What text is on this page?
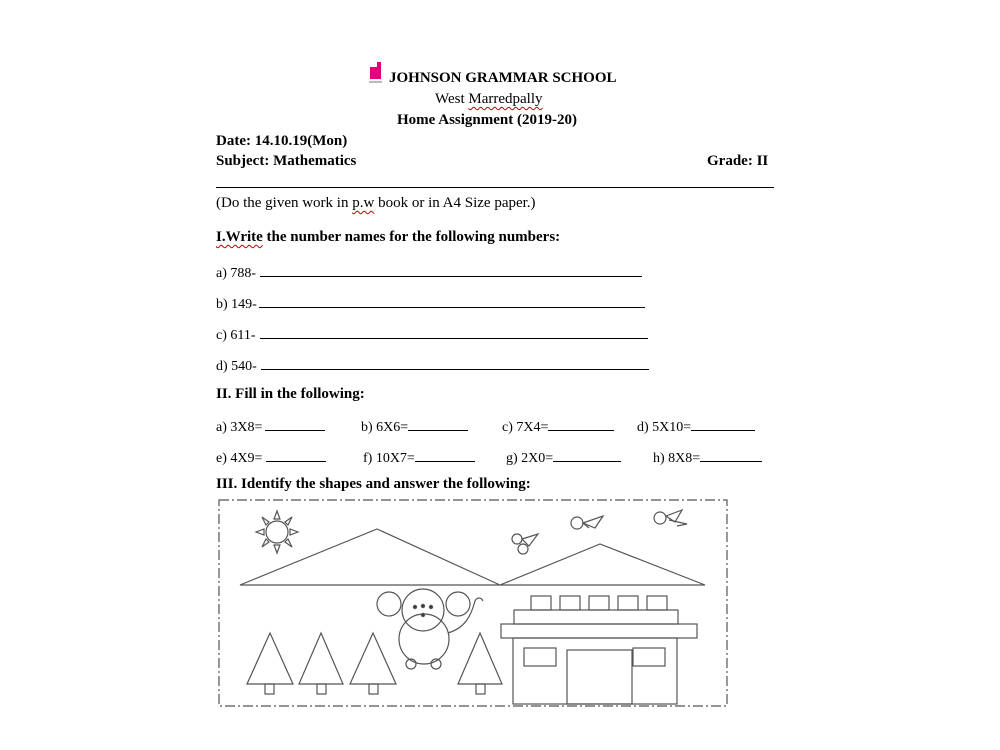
JOHNSON GRAMMAR SCHOOL
West Marredpally
Home Assignment (2019-20)
Date: 14.10.19(Mon)
Subject: Mathematics	Grade: II
(Do the given work in p.w book or in A4 Size paper.)
I.Write the number names for the following numbers:
a) 788-
b) 149-
c) 611-
d) 540-
II. Fill in the following:
a) 3X8=	b) 6X6=	c) 7X4=	d) 5X10=
e) 4X9=	f) 10X7=	g) 2X0=	h) 8X8=
III. Identify the shapes and answer the following:
